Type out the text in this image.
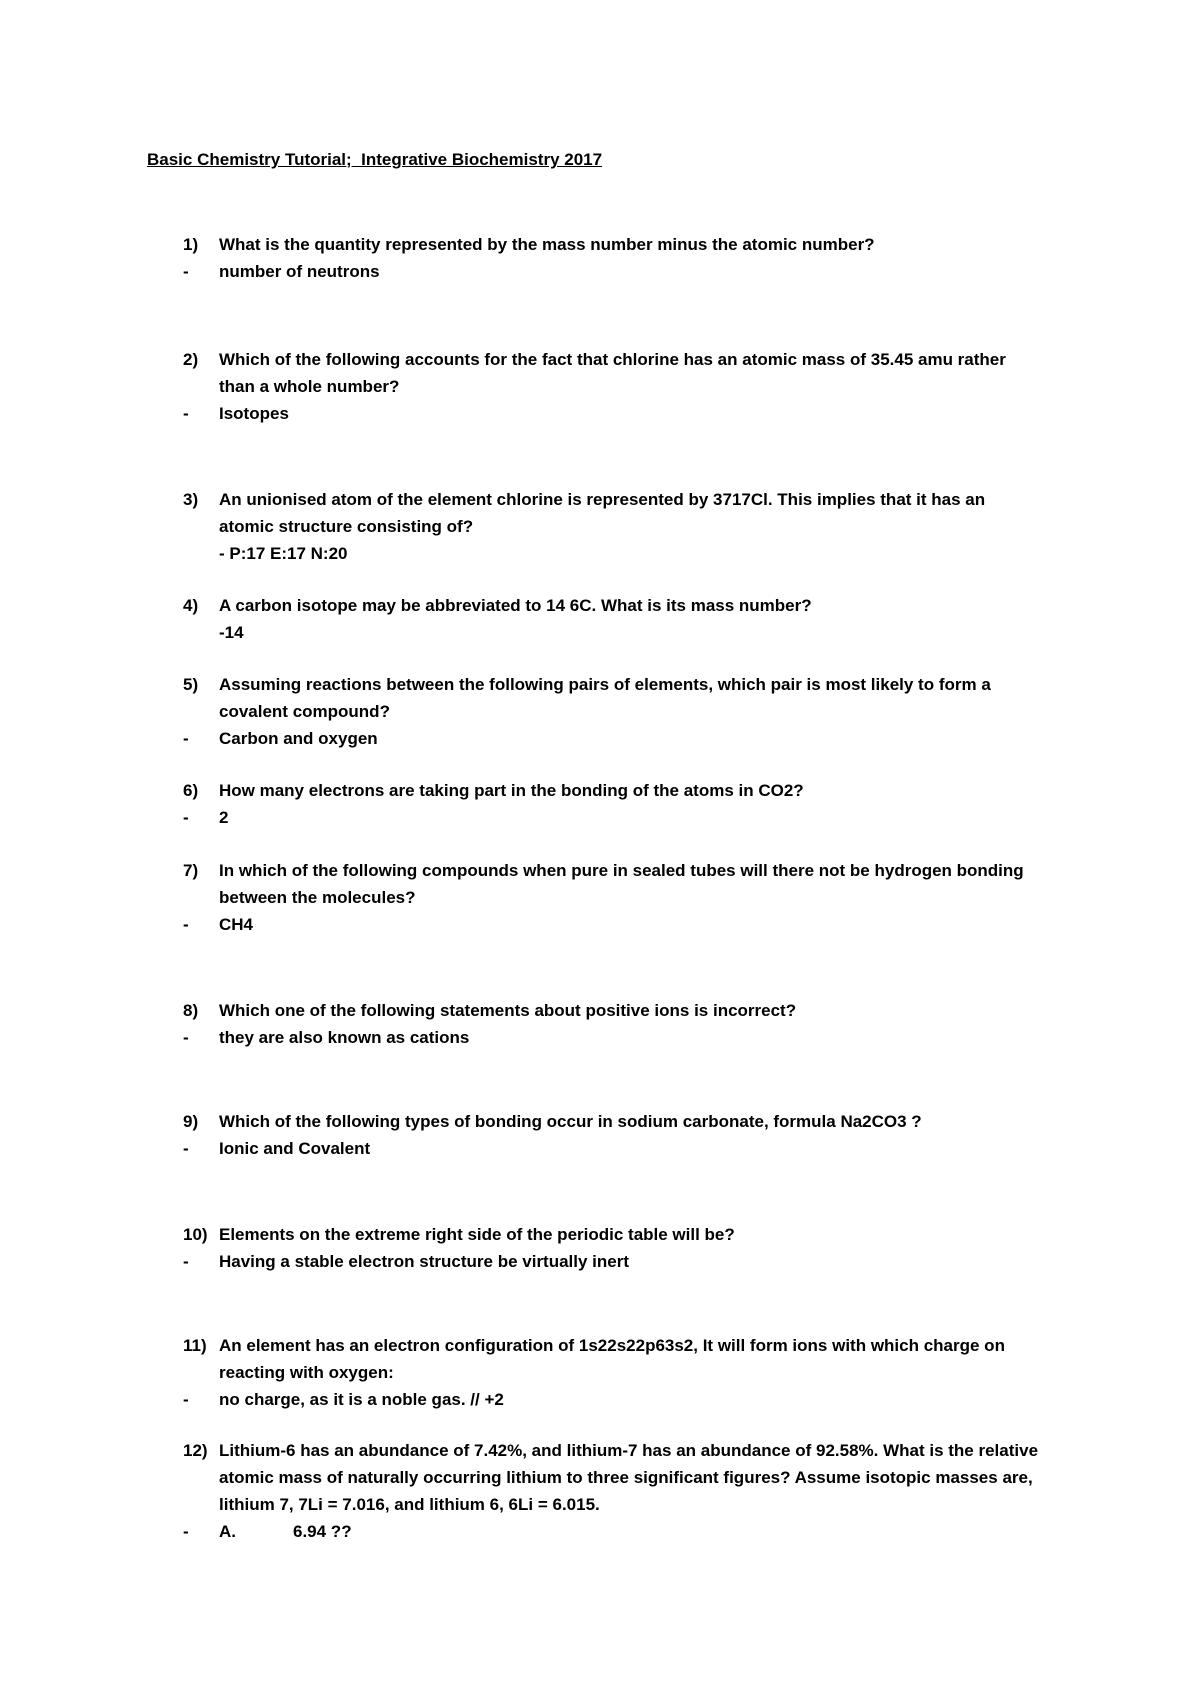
Basic Chemistry Tutorial;  Integrative Biochemistry 2017
1) What is the quantity represented by the mass number minus the atomic number?
- number of neutrons
2) Which of the following accounts for the fact that chlorine has an atomic mass of 35.45 amu rather
than a whole number?
- Isotopes
3) An unionised atom of the element chlorine is represented by 3717Cl. This implies that it has an
atomic structure consisting of?
- P:17 E:17 N:20
4) A carbon isotope may be abbreviated to 14 6C. What is its mass number?
-14
5) Assuming reactions between the following pairs of elements, which pair is most likely to form a
covalent compound?
- Carbon and oxygen
6) How many electrons are taking part in the bonding of the atoms in CO2?
- 2
7) In which of the following compounds when pure in sealed tubes will there not be hydrogen bonding
between the molecules?
- CH4
8) Which one of the following statements about positive ions is incorrect?
- they are also known as cations
9) Which of the following types of bonding occur in sodium carbonate, formula Na2CO3 ?
- Ionic and Covalent
10) Elements on the extreme right side of the periodic table will be?
- Having a stable electron structure be virtually inert
11) An element has an electron configuration of 1s22s22p63s2, It will form ions with which charge on
reacting with oxygen:
- no charge, as it is a noble gas. // +2
12) Lithium-6 has an abundance of 7.42%, and lithium-7 has an abundance of 92.58%. What is the relative
atomic mass of naturally occurring lithium to three significant figures? Assume isotopic masses are,
lithium 7, 7Li = 7.016, and lithium 6, 6Li = 6.015.
- A.	6.94 ??
